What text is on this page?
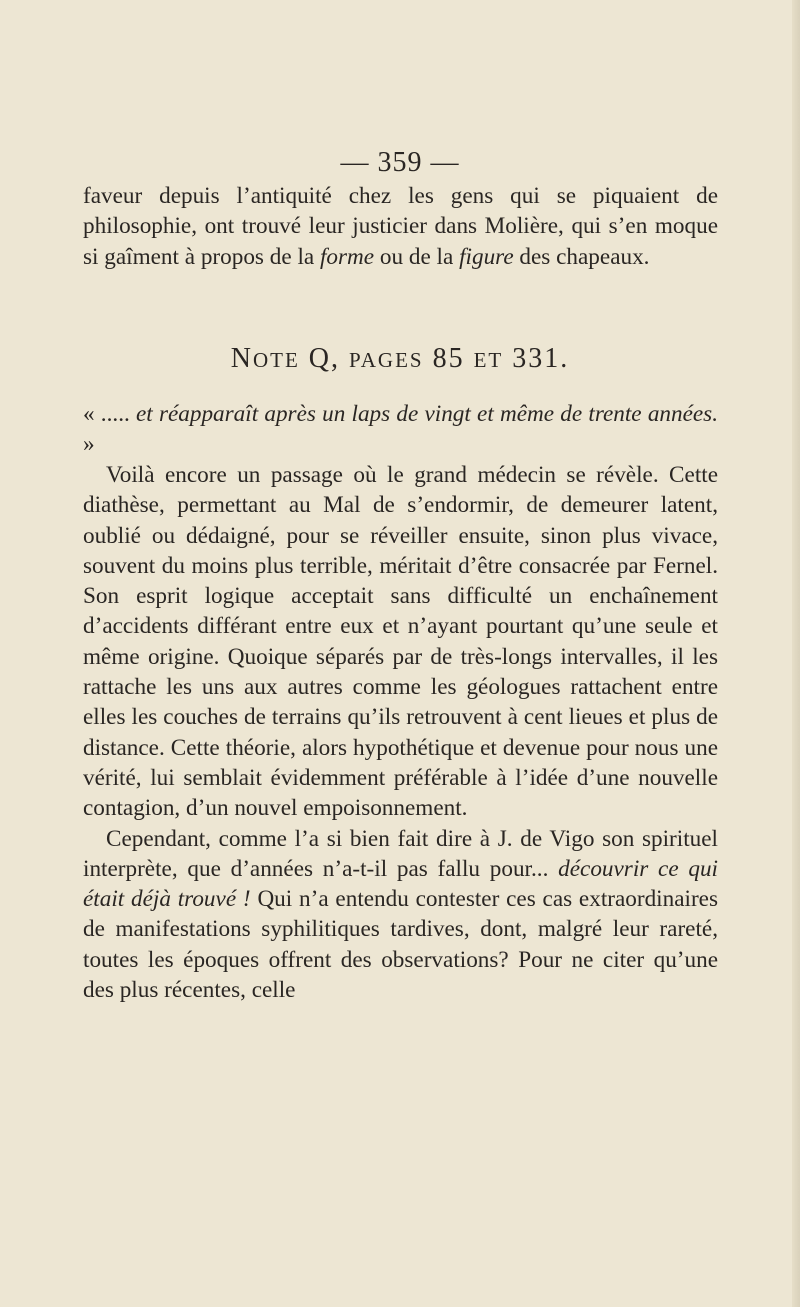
— 359 —

faveur depuis l’antiquité chez les gens qui se piquaient de philosophie, ont trouvé leur justicier dans Molière, qui s’en moque si gaîment à propos de la forme ou de la figure des chapeaux.

NOTE Q, PAGES 85 ET 331.

« ..... et réapparaît après un laps de vingt et même de trente années. »

Voilà encore un passage où le grand médecin se révèle. Cette diathèse, permettant au Mal de s’endormir, de demeurer latent, oublié ou dédaigné, pour se réveiller ensuite, sinon plus vivace, souvent du moins plus terrible, méritait d’être consacrée par Fernel. Son esprit logique acceptait sans difficulté un enchaînement d’accidents différant entre eux et n’ayant pourtant qu’une seule et même origine. Quoique séparés par de très-longs intervalles, il les rattache les uns aux autres comme les géologues rattachent entre elles les couches de terrains qu’ils retrouvent à cent lieues et plus de distance. Cette théorie, alors hypothétique et devenue pour nous une vérité, lui semblait évidemment préférable à l’idée d’une nouvelle contagion, d’un nouvel empoisonnement.

Cependant, comme l’a si bien fait dire à J. de Vigo son spirituel interprète, que d’années n’a-t-il pas fallu pour... découvrir ce qui était déjà trouvé ! Qui n’a entendu contester ces cas extraordinaires de manifestations syphilitiques tardives, dont, malgré leur rareté, toutes les époques offrent des observations? Pour ne citer qu’une des plus récentes, celle
